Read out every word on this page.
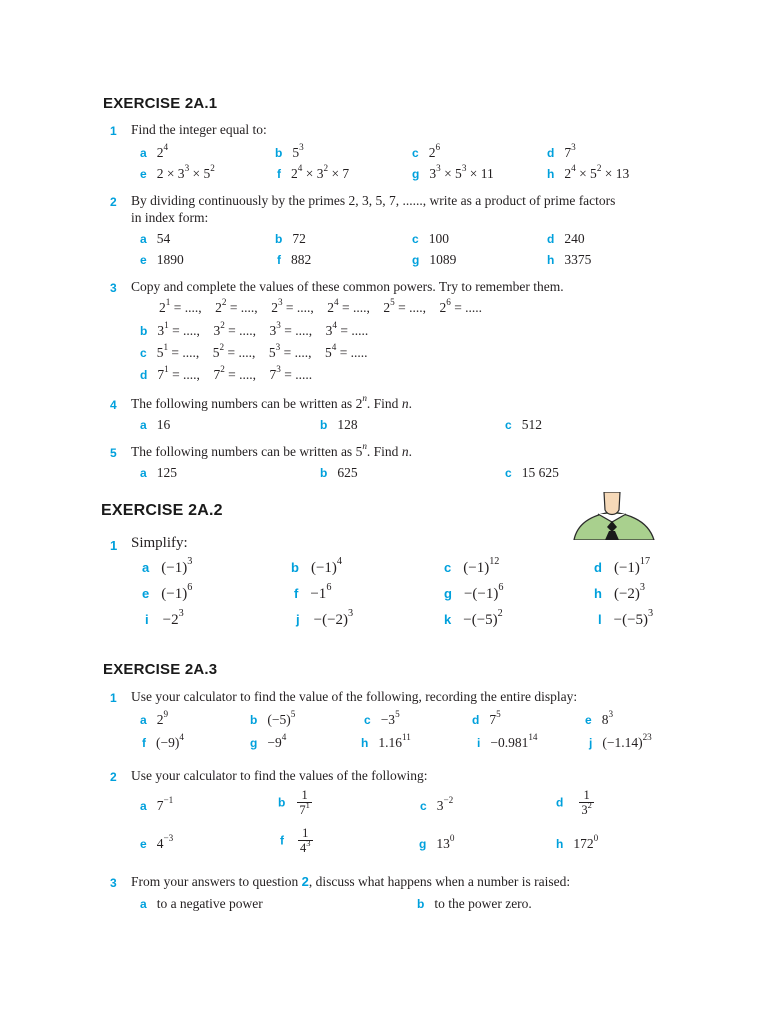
EXERCISE 2A.1
1 Find the integer equal to:
a $2^4$	b $5^3$	c $2^6$	d $7^3$
e $2 \times 3^3 \times 5^2$	f $2^4 \times 3^2 \times 7$	g $3^3 \times 5^3 \times 11$	h $2^4 \times 5^2 \times 13$
2 By dividing continuously by the primes 2, 3, 5, 7, ......, write as a product of prime factors
in index form:
a 54	b 72	c 100	d 240
e 1890	f 882	g 1089	h 3375
3 Copy and complete the values of these common powers. Try to remember them.
$2^1$ = ...., $2^2$ = ...., $2^3$ = ...., $2^4$ = ...., $2^5$ = ...., $2^6$ = .....
b $3^1$ = ...., $3^2$ = ...., $3^3$ = ...., $3^4$ = .....
c $5^1$ = ...., $5^2$ = ...., $5^3$ = ...., $5^4$ = .....
d $7^1$ = ...., $7^2$ = ...., $7^3$ = .....
4 The following numbers can be written as 2$^n$. Find n.
a 16	b 128	c 512
5 The following numbers can be written as 5$^n$. Find n.
a 125	b 625	c 15 625
EXERCISE 2A.2
1 Simplify:
a $(-1)^3$	b $(-1)^4$	c $(-1)^{12}$	d $(-1)^{17}$
e $(-1)^6$	$f -1^6$	$g -(-1)^6$	h $(-2)^3$
$i -2^3$	$j -(-2)^3$	$k -(-5)^2$	$l -(-5)^3$
EXERCISE 2A.3
1 Use your calculator to find the value of the following, recording the entire display:
a $2^9$	b $(-5)^5$	$c -3^5$	d $7^5$	e $8^3$
f $(-9)^4$	$g -9^4$	h 1.16$^{11}$	$i -0.981^{14}$	j $(-1.14)^{23}$
2 Use your calculator to find the values of the following:
a $7^{-1}$	b $\frac{1}{7^1}$	c $3^{-2}$	d $\frac{1}{3^2}$
e $4^{-3}$	f $\frac{1}{4^3}$	g $13^0$	h $172^0$
3 From your answers to question 2, discuss what happens when a number is raised:
a to a negative power	b to the power zero.
